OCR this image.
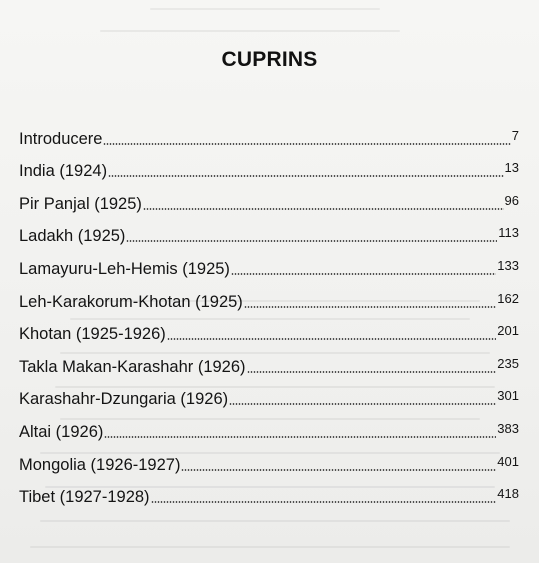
CUPRINS
Introducere	7
India (1924)	13
Pir Panjal (1925)	96
Ladakh (1925)	113
Lamayuru-Leh-Hemis (1925)	133
Leh-Karakorum-Khotan (1925)	162
Khotan (1925-1926)	201
Takla Makan-Karashahr (1926)	235
Karashahr-Dzungaria (1926)	301
Altai (1926)	383
Mongolia (1926-1927)	401
Tibet (1927-1928)	418
